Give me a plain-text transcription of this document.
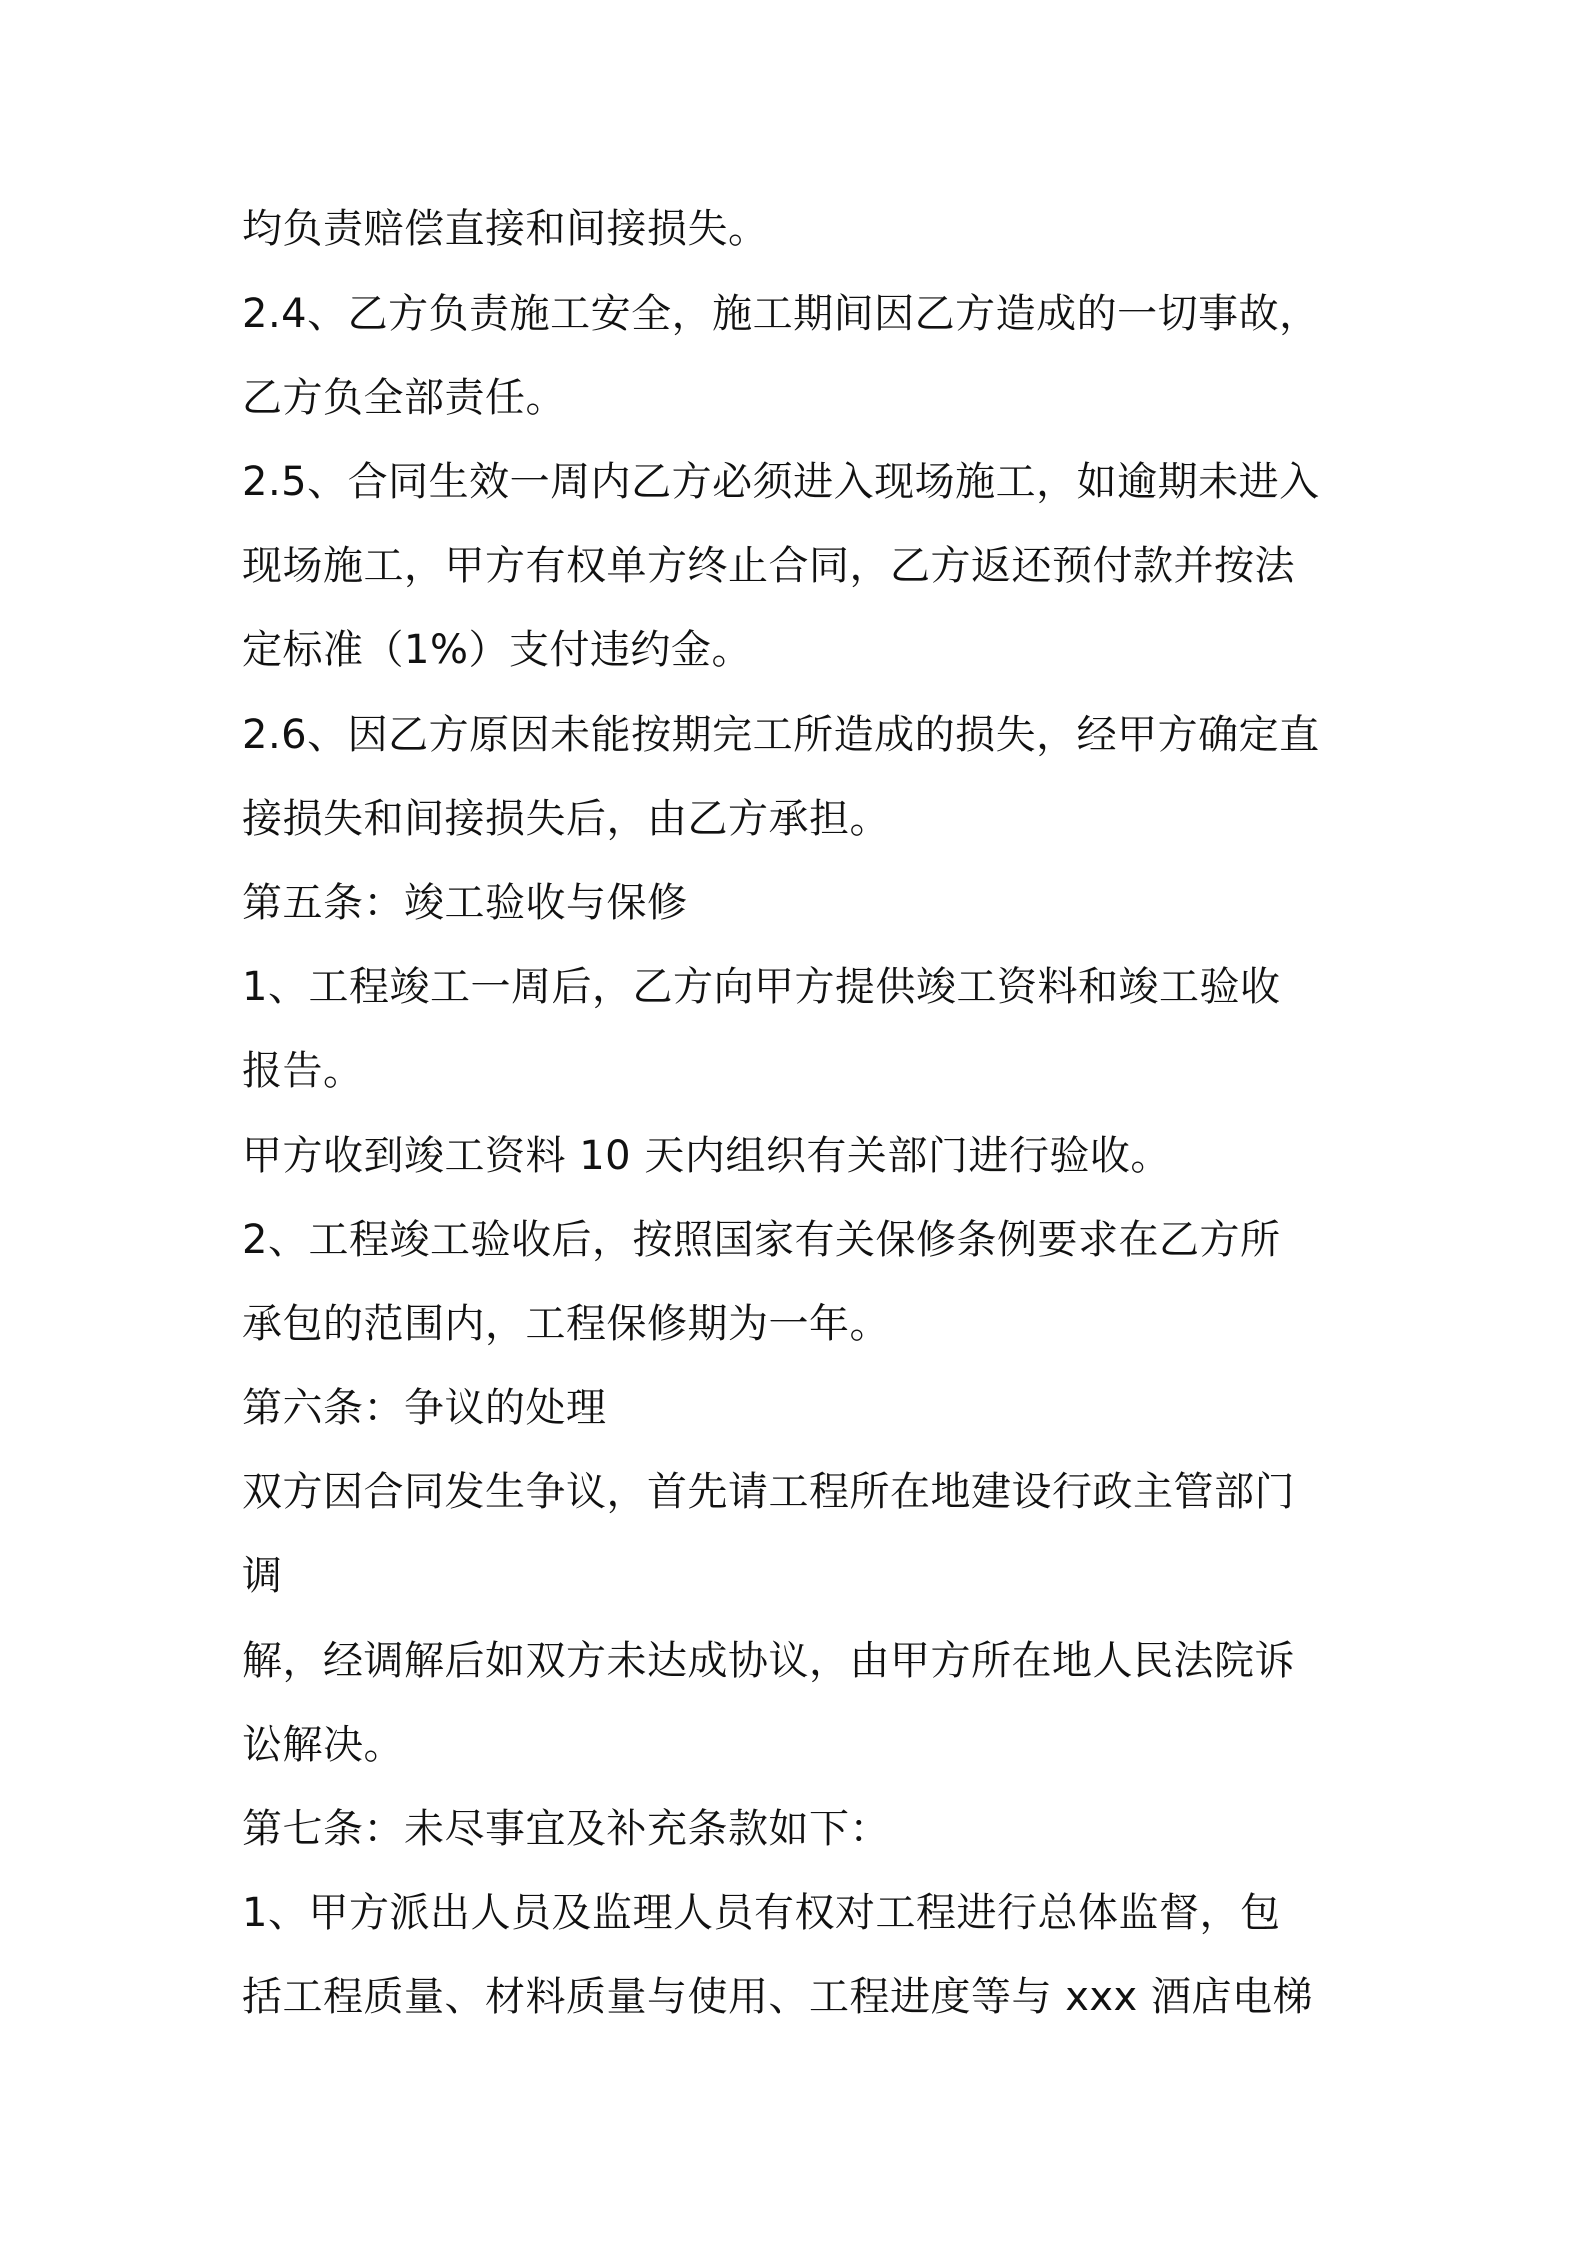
均负责赔偿直接和间接损失。
2.4、乙方负责施工安全，施工期间因乙方造成的一切事故，
乙方负全部责任。
2.5、合同生效一周内乙方必须进入现场施工，如逾期未进入
现场施工，甲方有权单方终止合同，乙方返还预付款并按法
定标准（1%）支付违约金。
2.6、因乙方原因未能按期完工所造成的损失，经甲方确定直
接损失和间接损失后，由乙方承担。
第五条：竣工验收与保修
1、工程竣工一周后，乙方向甲方提供竣工资料和竣工验收
报告。
甲方收到竣工资料 10 天内组织有关部门进行验收。
2、工程竣工验收后，按照国家有关保修条例要求在乙方所
承包的范围内，工程保修期为一年。
第六条：争议的处理
双方因合同发生争议，首先请工程所在地建设行政主管部门
调
解，经调解后如双方未达成协议，由甲方所在地人民法院诉
讼解决。
第七条：未尽事宜及补充条款如下：
1、甲方派出人员及监理人员有权对工程进行总体监督，包
括工程质量、材料质量与使用、工程进度等与 xxx 酒店电梯
